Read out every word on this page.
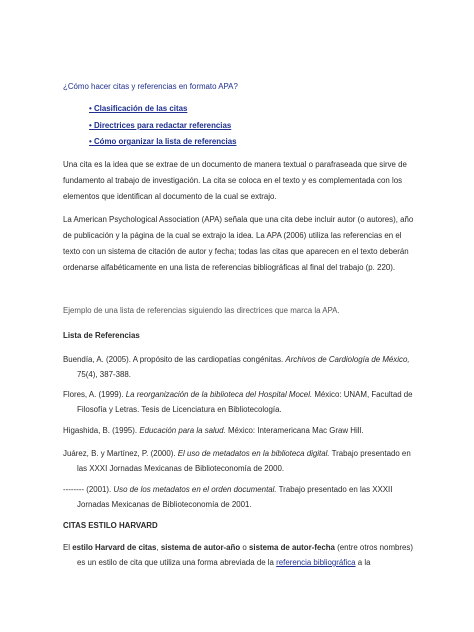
¿Cómo hacer citas y referencias en formato APA?
• Clasificación de las citas
• Directrices para redactar referencias
• Cómo organizar la lista de referencias
Una cita es la idea que se extrae de un documento de manera textual o parafraseada que sirve de fundamento al trabajo de investigación. La cita se coloca en el texto y es complementada con los elementos que identifican al documento de la cual se extrajo.
La American Psychological Association (APA) señala que una cita debe incluir autor (o autores), año de publicación y la página de la cual se extrajo la idea. La APA (2006) utiliza las referencias en el texto con un sistema de citación de autor y fecha; todas las citas que aparecen en el texto deberán ordenarse alfabéticamente en una lista de referencias bibliográficas al final del trabajo (p. 220).
Ejemplo de una lista de referencias siguiendo las directrices que marca la APA.
Lista de Referencias
Buendía, A. (2005). A propósito de las cardiopatías congénitas. Archivos de Cardiología de México, 75(4), 387-388.
Flores, A. (1999). La reorganización de la biblioteca del Hospital Mocel. México: UNAM, Facultad de Filosofía y Letras. Tesis de Licenciatura en Bibliotecología.
Higashida, B. (1995). Educación para la salud. México: Interamericana Mac Graw Hill.
Juárez, B. y Martínez, P. (2000). El uso de metadatos en la biblioteca digital. Trabajo presentado en las XXXI Jornadas Mexicanas de Biblioteconomía de 2000.
-------- (2001). Uso de los metadatos en el orden documental. Trabajo presentado en las XXXII Jornadas Mexicanas de Biblioteconomía de 2001.
CITAS ESTILO HARVARD
El estilo Harvard de citas, sistema de autor-año o sistema de autor-fecha (entre otros nombres) es un estilo de cita que utiliza una forma abreviada de la referencia bibliográfica a la
